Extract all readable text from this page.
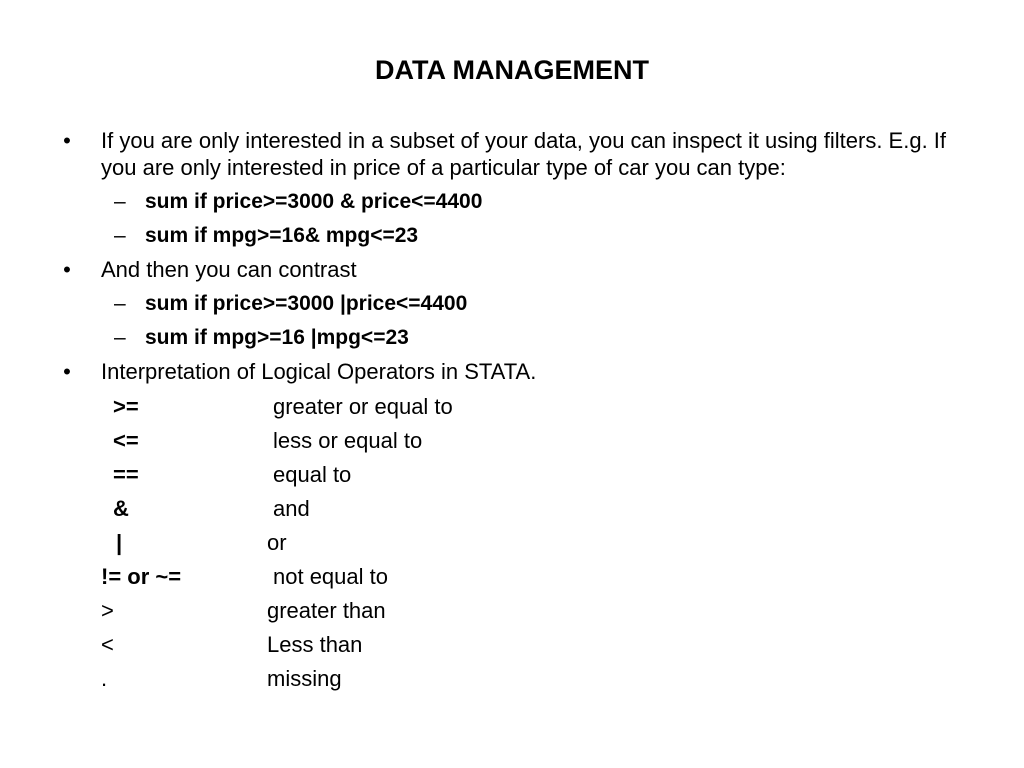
DATA MANAGEMENT
• If you are only interested in a subset of your data, you can inspect it using filters. E.g. If you are only interested in price of a particular type of car you can type:
– sum if price>=3000 & price<=4400
– sum if mpg>=16& mpg<=23
• And then you can contrast
– sum if price>=3000 |price<=4400
– sum if mpg>=16 |mpg<=23
• Interpretation of Logical Operators in STATA.
>=	greater or equal to
<=	less or equal to
==	equal to
&	and
|	or
!= or ~=	not equal to
>	greater than
<	Less than
.	missing
